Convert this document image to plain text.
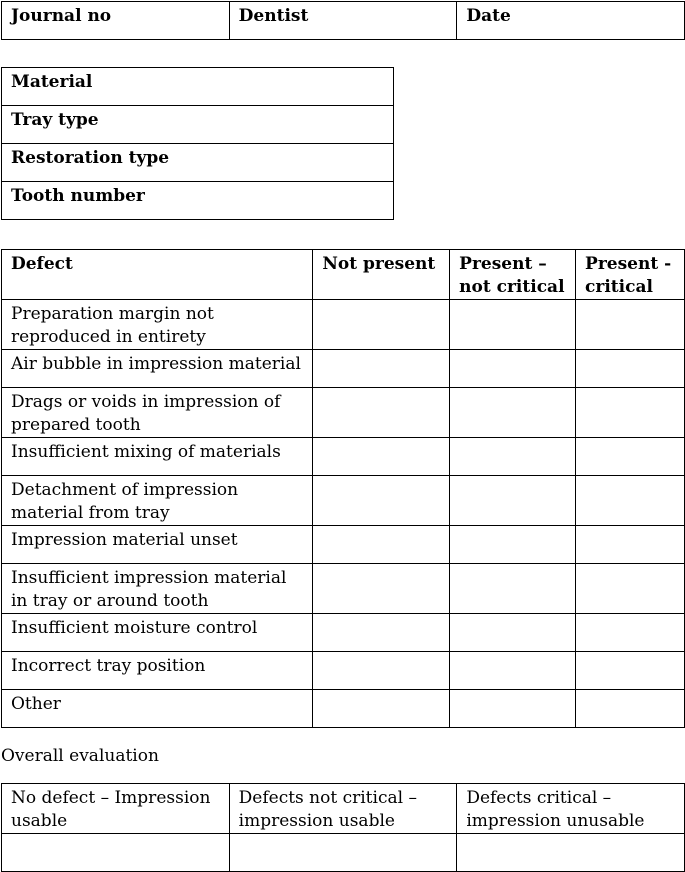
Journal no	Dentist	Date
Material
Tray type
Restoration type
Tooth number
Defect	Not present	Present – not critical	Present - critical
Preparation margin not reproduced in entirety			
Air bubble in impression material			
Drags or voids in impression of prepared tooth			
Insufficient mixing of materials			
Detachment of impression material from tray			
Impression material unset			
Insufficient impression material in tray or around tooth			
Insufficient moisture control			
Incorrect tray position			
Other			
Overall evaluation
No defect – Impression usable	Defects not critical – impression usable	Defects critical – impression unusable
